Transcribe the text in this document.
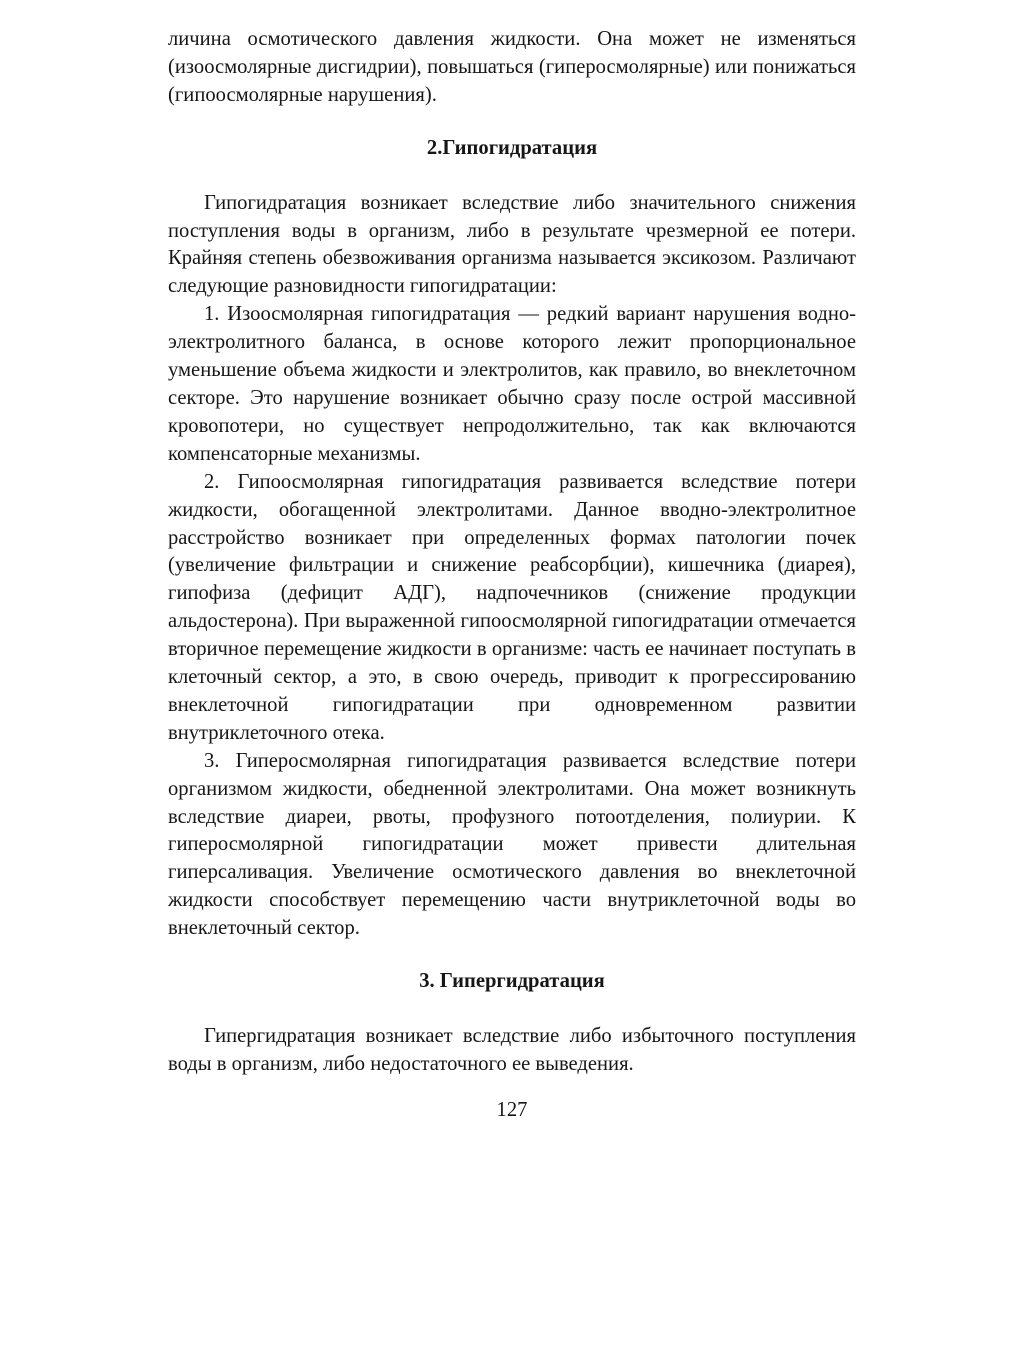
личина осмотического давления жидкости. Она может не изменяться (изоосмолярные дисгидрии), повышаться (гиперосмолярные) или понижаться (гипоосмолярные нарушения).

2.Гипогидратация

Гипогидратация возникает вследствие либо значительного снижения поступления воды в организм, либо в результате чрезмерной ее потери. Крайняя степень обезвоживания организма называется эксикозом. Различают следующие разновидности гипогидратации:

1. Изоосмолярная гипогидратация — редкий вариант нарушения водно-электролитного баланса, в основе которого лежит пропорциональное уменьшение объема жидкости и электролитов, как правило, во внеклеточном секторе. Это нарушение возникает обычно сразу после острой массивной кровопотери, но существует непродолжительно, так как включаются компенсаторные механизмы.

2. Гипоосмолярная гипогидратация развивается вследствие потери жидкости, обогащенной электролитами. Данное вводно-электролитное расстройство возникает при определенных формах патологии почек (увеличение фильтрации и снижение реабсорбции), кишечника (диарея), гипофиза (дефицит АДГ), надпочечников (снижение продукции альдостерона). При выраженной гипоосмолярной гипогидратации отмечается вторичное перемещение жидкости в организме: часть ее начинает поступать в клеточный сектор, а это, в свою очередь, приводит к прогрессированию внеклеточной гипогидратации при одновременном развитии внутриклеточного отека.

3. Гиперосмолярная гипогидратация развивается вследствие потери организмом жидкости, обедненной электролитами. Она может возникнуть вследствие диареи, рвоты, профузного потоотделения, полиурии. К гиперосмолярной гипогидратации может привести длительная гиперсаливация. Увеличение осмотического давления во внеклеточной жидкости способствует перемещению части внутриклеточной воды во внеклеточный сектор.

3. Гипергидратация

Гипергидратация возникает вследствие либо избыточного поступления воды в организм, либо недостаточного ее выведения.

127
